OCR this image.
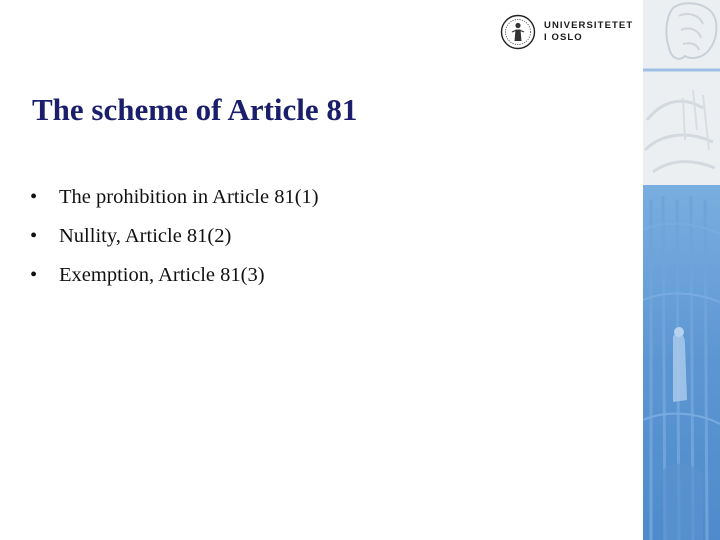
UNIVERSITETET
I OSLO
The scheme of Article 81
• The prohibition in Article 81(1)
• Nullity, Article 81(2)
• Exemption, Article 81(3)
